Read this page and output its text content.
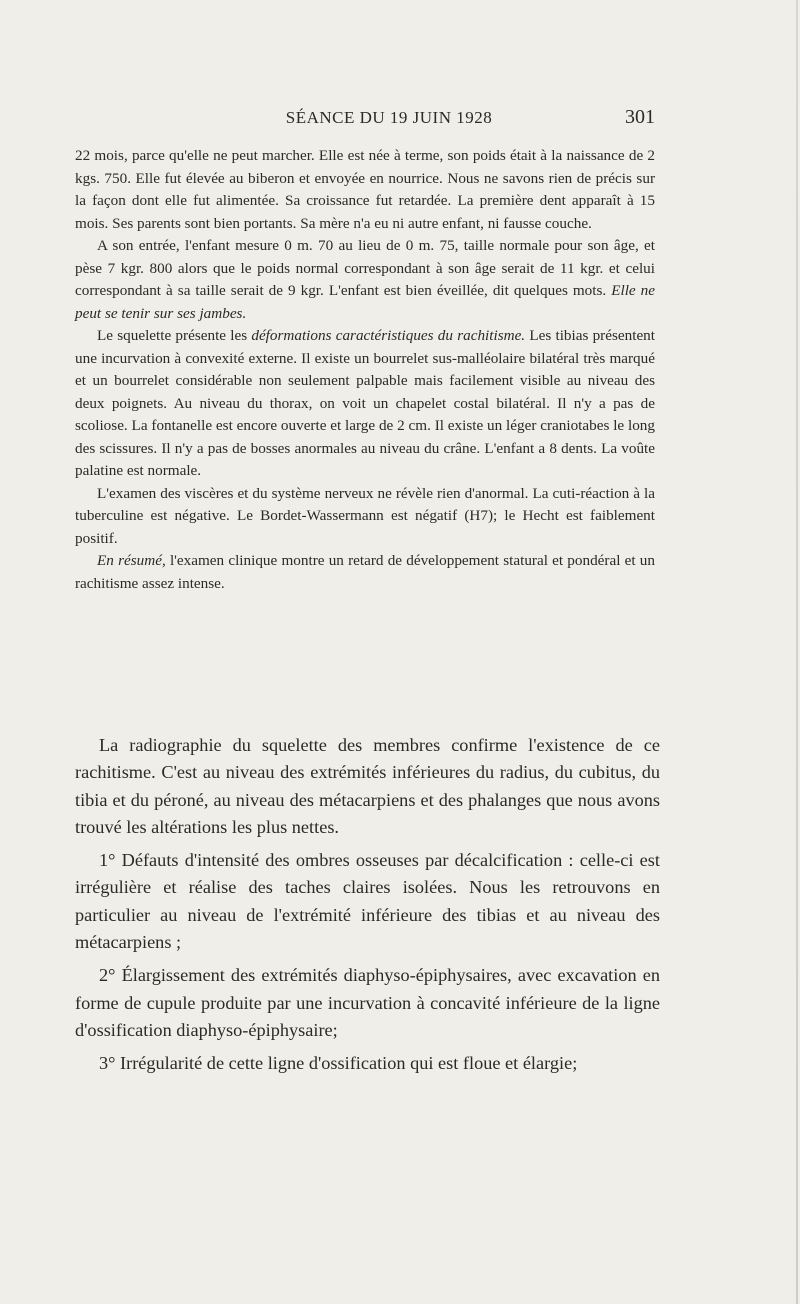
SÉANCE DU 19 JUIN 1928	301

22 mois, parce qu'elle ne peut marcher. Elle est née à terme, son poids était à la naissance de 2 kgs. 750. Elle fut élevée au biberon et envoyée en nourrice. Nous ne savons rien de précis sur la façon dont elle fut alimentée. Sa croissance fut retardée. La première dent apparaît à 15 mois. Ses parents sont bien portants. Sa mère n'a eu ni autre enfant, ni fausse couche.

A son entrée, l'enfant mesure 0 m. 70 au lieu de 0 m. 75, taille normale pour son âge, et pèse 7 kgr. 800 alors que le poids normal correspondant à son âge serait de 11 kgr. et celui correspondant à sa taille serait de 9 kgr. L'enfant est bien éveillée, dit quelques mots. Elle ne peut se tenir sur ses jambes.

Le squelette présente les déformations caractéristiques du rachitisme. Les tibias présentent une incurvation à convexité externe. Il existe un bourrelet sus-malléolaire bilatéral très marqué et un bourrelet considérable non seulement palpable mais facilement visible au niveau des deux poignets. Au niveau du thorax, on voit un chapelet costal bilatéral. Il n'y a pas de scoliose. La fontanelle est encore ouverte et large de 2 cm. Il existe un léger craniotabes le long des scissures. Il n'y a pas de bosses anormales au niveau du crâne. L'enfant a 8 dents. La voûte palatine est normale.

L'examen des viscères et du système nerveux ne révèle rien d'anormal. La cuti-réaction à la tuberculine est négative. Le Bordet-Wassermann est négatif (H7); le Hecht est faiblement positif.

En résumé, l'examen clinique montre un retard de développement statural et pondéral et un rachitisme assez intense.

La radiographie du squelette des membres confirme l'existence de ce rachitisme. C'est au niveau des extrémités inférieures du radius, du cubitus, du tibia et du péroné, au niveau des métacarpiens et des phalanges que nous avons trouvé les altérations les plus nettes.

1° Défauts d'intensité des ombres osseuses par décalcification : celle-ci est irrégulière et réalise des taches claires isolées. Nous les retrouvons en particulier au niveau de l'extrémité inférieure des tibias et au niveau des métacarpiens ;

2° Élargissement des extrémités diaphyso-épiphysaires, avec excavation en forme de cupule produite par une incurvation à concavité inférieure de la ligne d'ossification diaphyso-épiphysaire;

3° Irrégularité de cette ligne d'ossification qui est floue et élargie;
